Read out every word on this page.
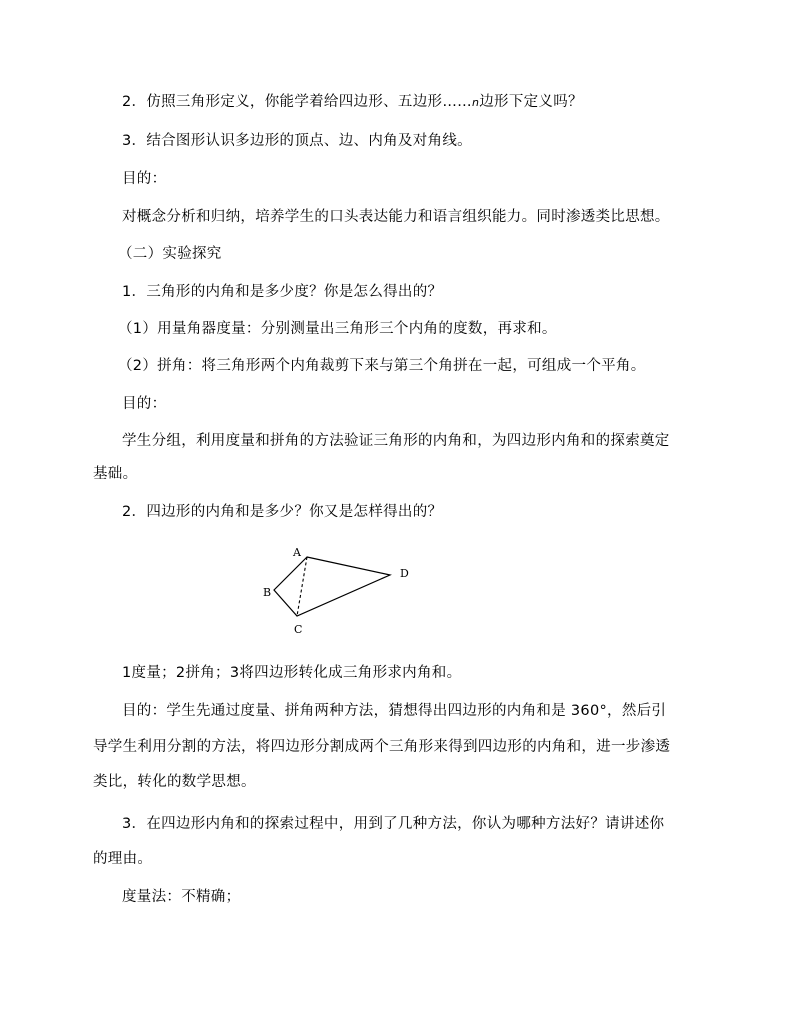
2．仿照三角形定义，你能学着给四边形、五边形……n边形下定义吗？
3．结合图形认识多边形的顶点、边、内角及对角线。
目的：
对概念分析和归纳，培养学生的口头表达能力和语言组织能力。同时渗透类比思想。
（二）实验探究
1．三角形的内角和是多少度？你是怎么得出的？
（1）用量角器度量：分别测量出三角形三个内角的度数，再求和。
（2）拼角：将三角形两个内角裁剪下来与第三个角拼在一起，可组成一个平角。
目的：
学生分组，利用度量和拼角的方法验证三角形的内角和，为四边形内角和的探索奠定
基础。
2．四边形的内角和是多少？你又是怎样得出的？
A
B
C
D
1度量；2拼角；3将四边形转化成三角形求内角和。
目的：学生先通过度量、拼角两种方法，猜想得出四边形的内角和是 360°，然后引
导学生利用分割的方法，将四边形分割成两个三角形来得到四边形的内角和，进一步渗透
类比，转化的数学思想。
3．在四边形内角和的探索过程中，用到了几种方法，你认为哪种方法好？请讲述你
的理由。
度量法：不精确；
